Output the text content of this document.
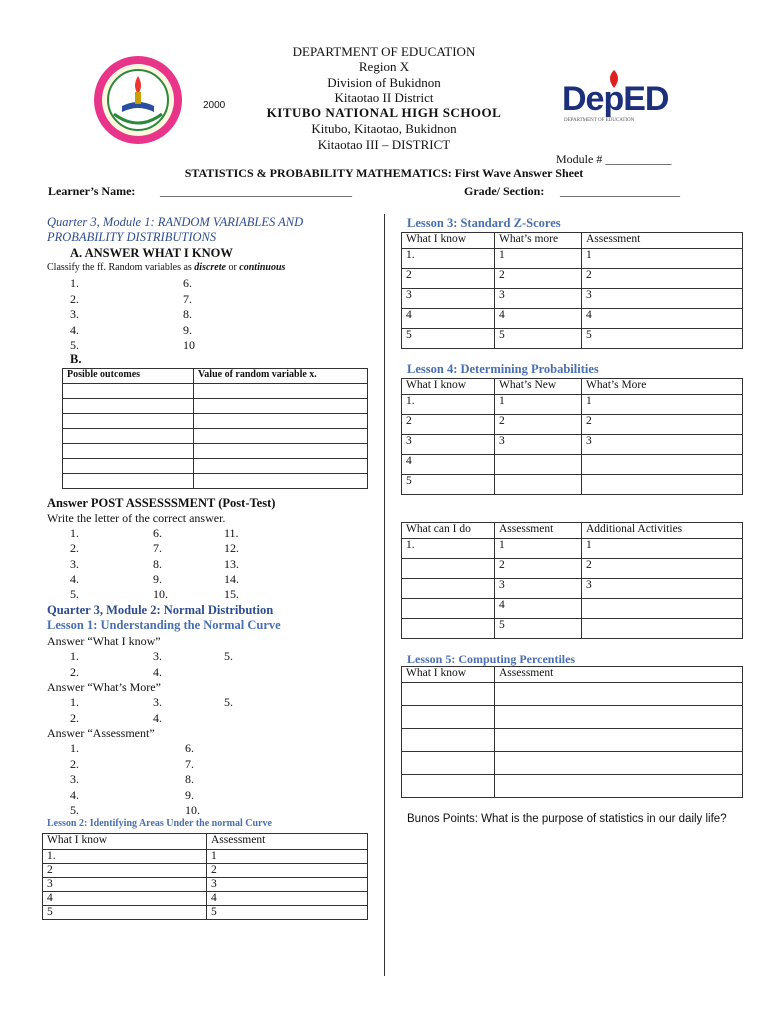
2000	DepED
DEPARTMENT OF EDUCATION
DEPARTMENT OF EDUCATION
Region X
Division of Bukidnon
Kitaotao II District
KITUBO NATIONAL HIGH SCHOOL
Kitubo, Kitaotao, Bukidnon
Kitaotao III – DISTRICT
Module # ___________
STATISTICS & PROBABILITY MATHEMATICS: First Wave Answer Sheet
Learner’s Name: ________________________________	Grade/ Section: ____________________
Quarter 3, Module 1: RANDOM VARIABLES AND PROBABILITY DISTRIBUTIONS
A. ANSWER WHAT I KNOW
Classify the ff. Random variables as discrete or continuous
1.
2.
3.
4.
5.
6.
7.
8.
9.
10
B.
Posible outcomes	Value of random variable x.

Answer POST ASSESSSMENT (Post-Test)
Write the letter of the correct answer.
1.
2.
3.
4.
5.
6.
7.
8.
9.
10.
11.
12.
13.
14.
15.
Quarter 3, Module 2: Normal Distribution
Lesson 1: Understanding the Normal Curve
Answer “What I know”
1.
2.
3.
4.
5.
Answer “What’s More”
1.
2.
3.
4.
5.
Answer “Assessment”
1.
2.
3.
4.
5.
6.
7.
8.
9.
10.
Lesson 2: Identifying Areas Under the normal Curve
What I know	Assessment
1.	1
2	2
3	3
4	4
5	5
Lesson 3: Standard Z-Scores
What I know	What’s more	Assessment
1.	1	1
2	2	2
3	3	3
4	4	4
5	5	5
Lesson 4: Determining Probabilities
What I know	What’s New	What’s More
1.	1	1
2	2	2
3	3	3
4		
5		
What can I do	Assessment	Additional Activities
1.	1	1
	2	2
	3	3
	4	
	5	
Lesson 5: Computing Percentiles
What I know	Assessment

Bunos Points: What is the purpose of statistics in our daily life?
